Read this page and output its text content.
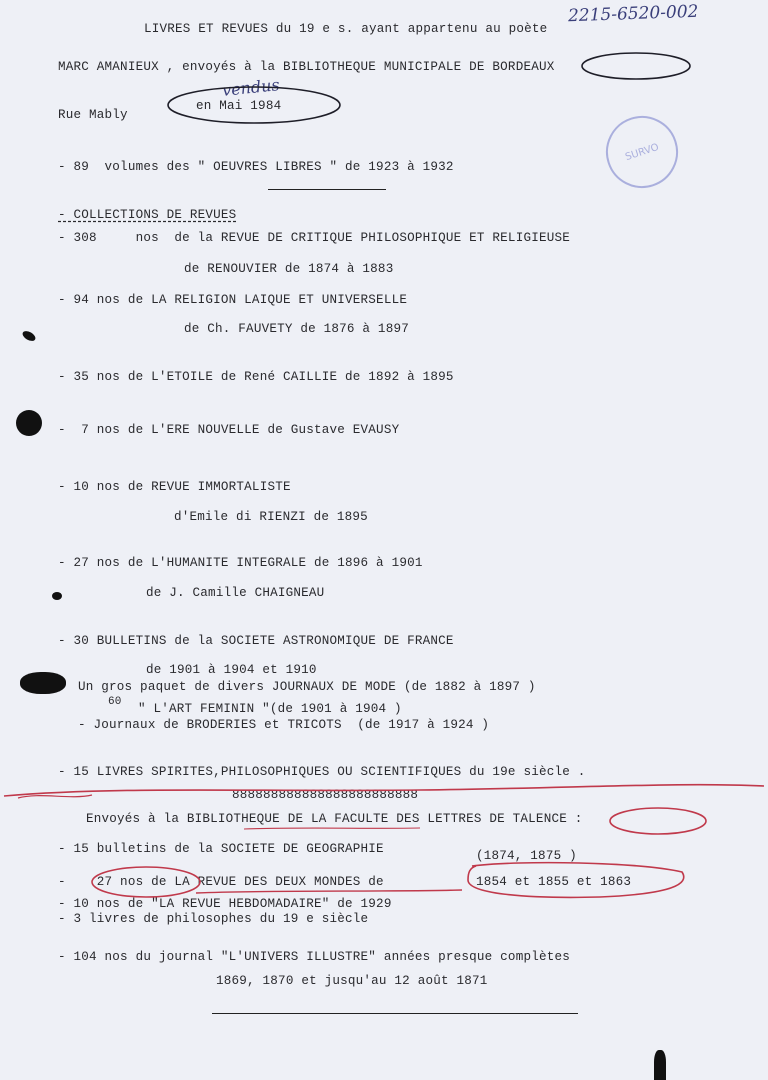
2215-6520-002
LIVRES ET REVUES du 19 e s. ayant appartenu au poète
MARC AMANIEUX , envoyés à la BIBLIOTHEQUE MUNICIPALE DE BORDEAUX
Rue Mably
vendus
en Mai 1984
SURVO
- 89  volumes des " OEUVRES LIBRES " de 1923 à 1932
- COLLECTIONS DE REVUES
- 308     nos  de la REVUE DE CRITIQUE PHILOSOPHIQUE ET RELIGIEUSE
de RENOUVIER de 1874 à 1883
- 94 nos de LA RELIGION LAIQUE ET UNIVERSELLE
de Ch. FAUVETY de 1876 à 1897
- 35 nos de L'ETOILE de René CAILLIE de 1892 à 1895
-  7 nos de L'ERE NOUVELLE de Gustave EVAUSY
- 10 nos de REVUE IMMORTALISTE
d'Emile di RIENZI de 1895
- 27 nos de L'HUMANITE INTEGRALE de 1896 à 1901
de J. Camille CHAIGNEAU
- 30 BULLETINS de la SOCIETE ASTRONOMIQUE DE FRANCE
de 1901 à 1904 et 1910
Un gros paquet de divers JOURNAUX DE MODE (de 1882 à 1897 )
60 " L'ART FEMININ "(de 1901 à 1904 )
- Journaux de BRODERIES et TRICOTS  (de 1917 à 1924 )
- 15 LIVRES SPIRITES,PHILOSOPHIQUES OU SCIENTIFIQUES du 19e siècle .
888888888888888888888888
Envoyés à la BIBLIOTHEQUE DE LA FACULTE DES LETTRES DE TALENCE :
- 15 bulletins de la SOCIETE DE GEOGRAPHIE	(1874, 1875 )
-    27 nos de LA REVUE DES DEUX MONDES de	1854 et 1855 et 1863
- 10 nos de "LA REVUE HEBDOMADAIRE" de 1929
- 3 livres de philosophes du 19 e siècle
- 104 nos du journal "L'UNIVERS ILLUSTRE" années presque complètes
1869, 1870 et jusqu'au 12 août 1871
